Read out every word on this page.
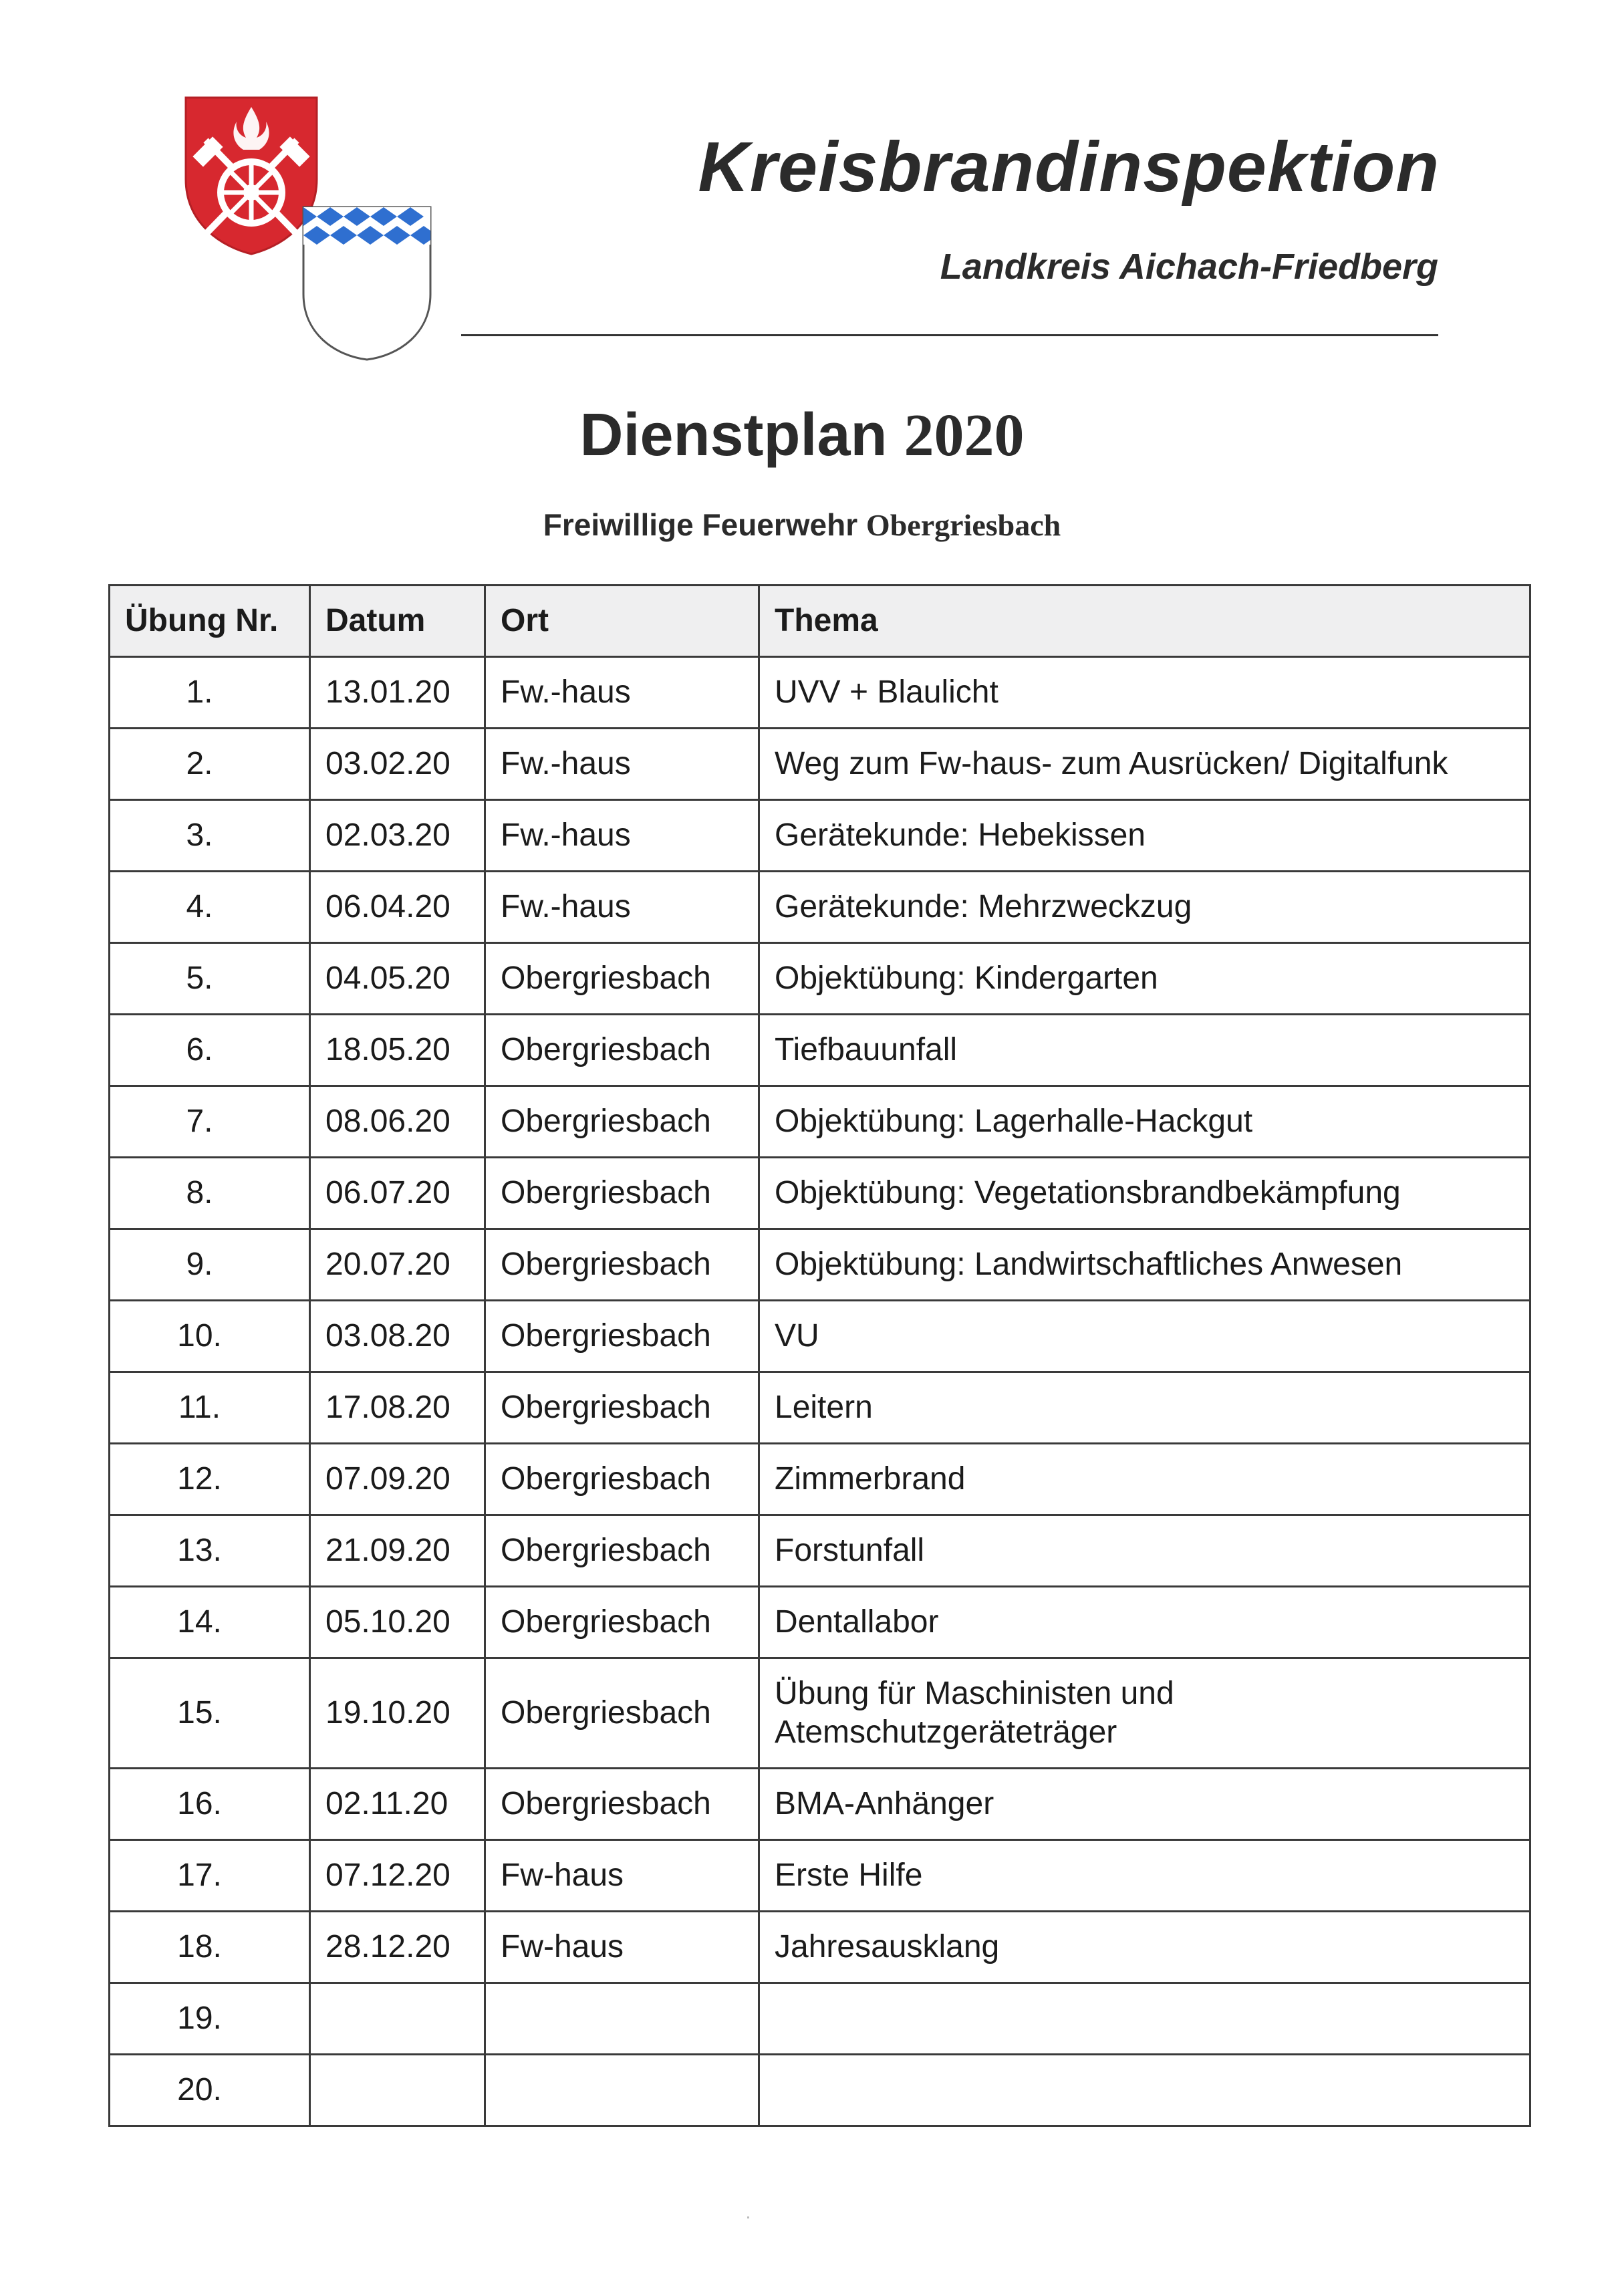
Kreisbrandinspektion
Landkreis Aichach-Friedberg
Dienstplan 2020
Freiwillige Feuerwehr Obergriesbach
Übung Nr.	Datum	Ort	Thema
1.	13.01.20	Fw.-haus	UVV + Blaulicht
2.	03.02.20	Fw.-haus	Weg zum Fw-haus- zum Ausrücken/ Digitalfunk
3.	02.03.20	Fw.-haus	Gerätekunde: Hebekissen
4.	06.04.20	Fw.-haus	Gerätekunde: Mehrzweckzug
5.	04.05.20	Obergriesbach	Objektübung: Kindergarten
6.	18.05.20	Obergriesbach	Tiefbauunfall
7.	08.06.20	Obergriesbach	Objektübung: Lagerhalle-Hackgut
8.	06.07.20	Obergriesbach	Objektübung: Vegetationsbrandbekämpfung
9.	20.07.20	Obergriesbach	Objektübung: Landwirtschaftliches Anwesen
10.	03.08.20	Obergriesbach	VU
11.	17.08.20	Obergriesbach	Leitern
12.	07.09.20	Obergriesbach	Zimmerbrand
13.	21.09.20	Obergriesbach	Forstunfall
14.	05.10.20	Obergriesbach	Dentallabor
15.	19.10.20	Obergriesbach	Übung für Maschinisten und
Atemschutzgeräteträger
16.	02.11.20	Obergriesbach	BMA-Anhänger
17.	07.12.20	Fw-haus	Erste Hilfe
18.	28.12.20	Fw-haus	Jahresausklang
19.			
20.			
